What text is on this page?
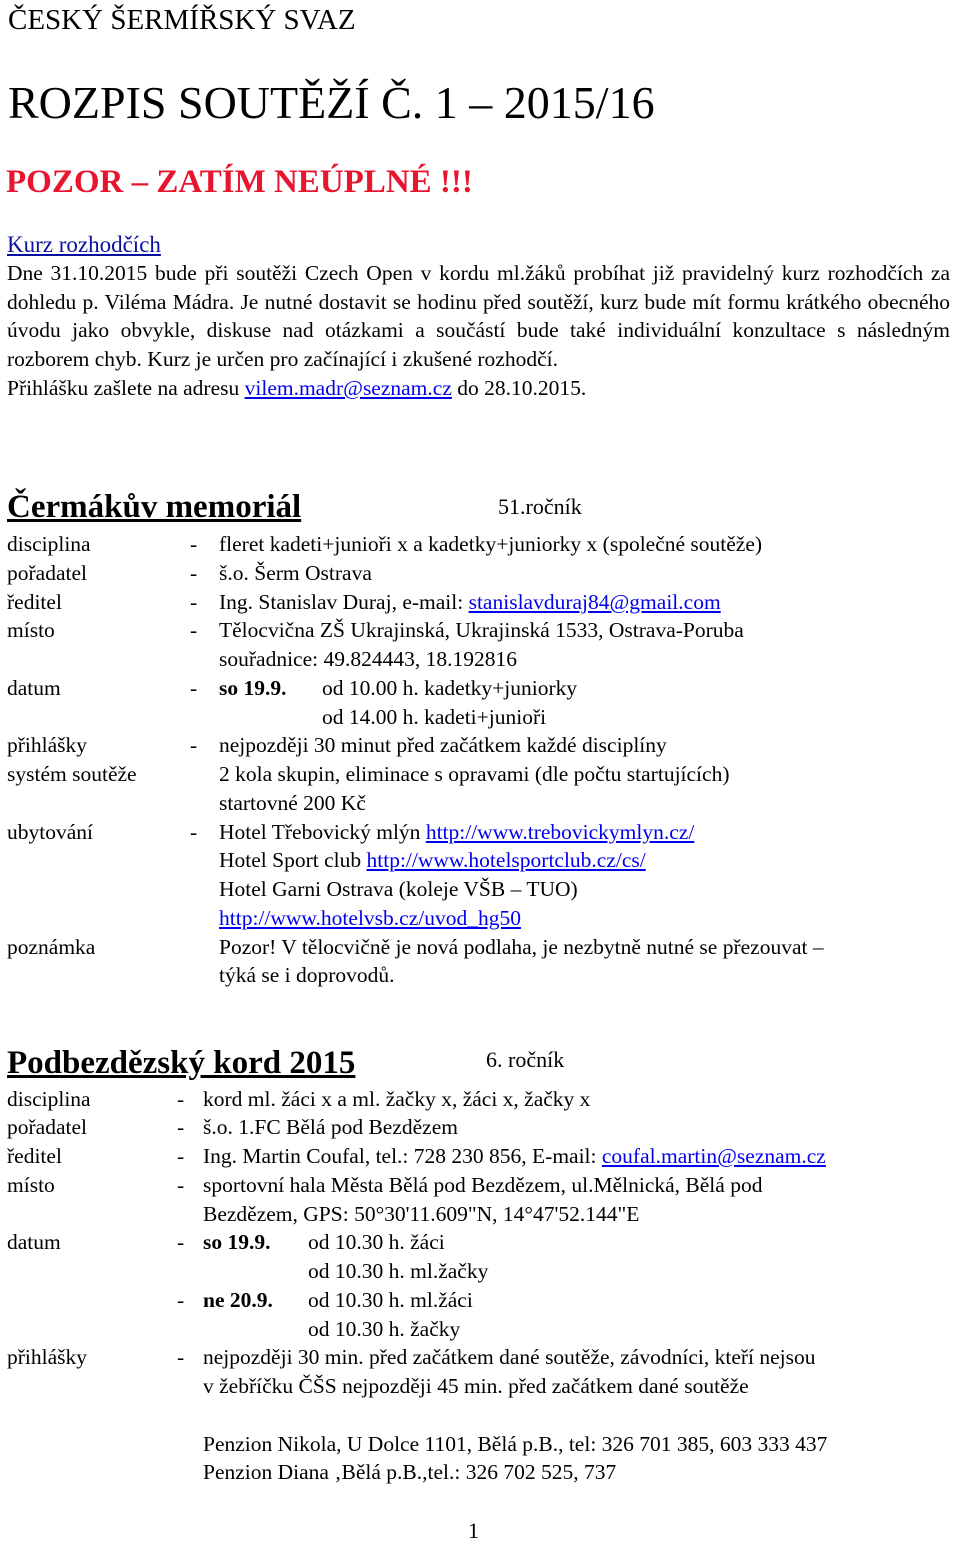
ČESKÝ ŠERMÍŘSKÝ SVAZ
ROZPIS SOUTĚŽÍ Č. 1 – 2015/16
POZOR – ZATÍM NEÚPLNÉ !!!
Kurz rozhodčích
Dne 31.10.2015 bude při soutěži Czech Open v kordu ml.žáků probíhat již pravidelný kurz rozhodčích za dohledu p. Viléma Mádra. Je nutné dostavit se hodinu před soutěží, kurz bude mít formu krátkého obecného úvodu jako obvykle, diskuse nad otázkami a součástí bude také individuální konzultace s následným rozborem chyb. Kurz je určen pro začínající i zkušené rozhodčí.
Přihlášku zašlete na adresu vilem.madr@seznam.cz do 28.10.2015.
Čermákův memoriál	51.ročník
disciplina	- fleret kadeti+junioři x a kadetky+juniorky x (společné soutěže)
pořadatel	- š.o. Šerm Ostrava
ředitel	- Ing. Stanislav Duraj, e-mail: stanislavduraj84@gmail.com
místo	- Tělocvična ZŠ Ukrajinská, Ukrajinská 1533, Ostrava-Poruba
souřadnice: 49.824443, 18.192816
datum	- so 19.9. od 10.00 h. kadetky+juniorky
od 14.00 h. kadeti+junioři
přihlášky	- nejpozději 30 minut před začátkem každé disciplíny
systém soutěže	2 kola skupin, eliminace s opravami (dle počtu startujících)
startovné 200 Kč
ubytování	- Hotel Třebovický mlýn http://www.trebovickymlyn.cz/
Hotel Sport club http://www.hotelsportclub.cz/cs/
Hotel Garni Ostrava (koleje VŠB – TUO)
http://www.hotelvsb.cz/uvod_hg50
poznámka	Pozor! V tělocvičně je nová podlaha, je nezbytně nutné se přezouvat –
týká se i doprovodů.
Podbezdězský kord 2015	6. ročník
disciplina	- kord ml. žáci x a ml. žačky x, žáci x, žačky x
pořadatel	- š.o. 1.FC Bělá pod Bezdězem
ředitel	- Ing. Martin Coufal, tel.: 728 230 856, E-mail: coufal.martin@seznam.cz
místo	- sportovní hala Města Bělá pod Bezdězem, ul.Mělnická, Bělá pod
Bezdězem, GPS: 50°30'11.609"N, 14°47'52.144"E
datum	- so 19.9. od 10.30 h. žáci
od 10.30 h. ml.žačky
- ne 20.9. od 10.30 h. ml.žáci
od 10.30 h. žačky
přihlášky	- nejpozději 30 min. před začátkem dané soutěže, závodníci, kteří nejsou
v žebříčku ČŠS nejpozději 45 min. před začátkem dané soutěže
Penzion Nikola, U Dolce 1101, Bělá p.B., tel: 326 701 385, 603 333 437
Penzion Diana ‚Bělá p.B.,tel.: 326 702 525, 737
1
